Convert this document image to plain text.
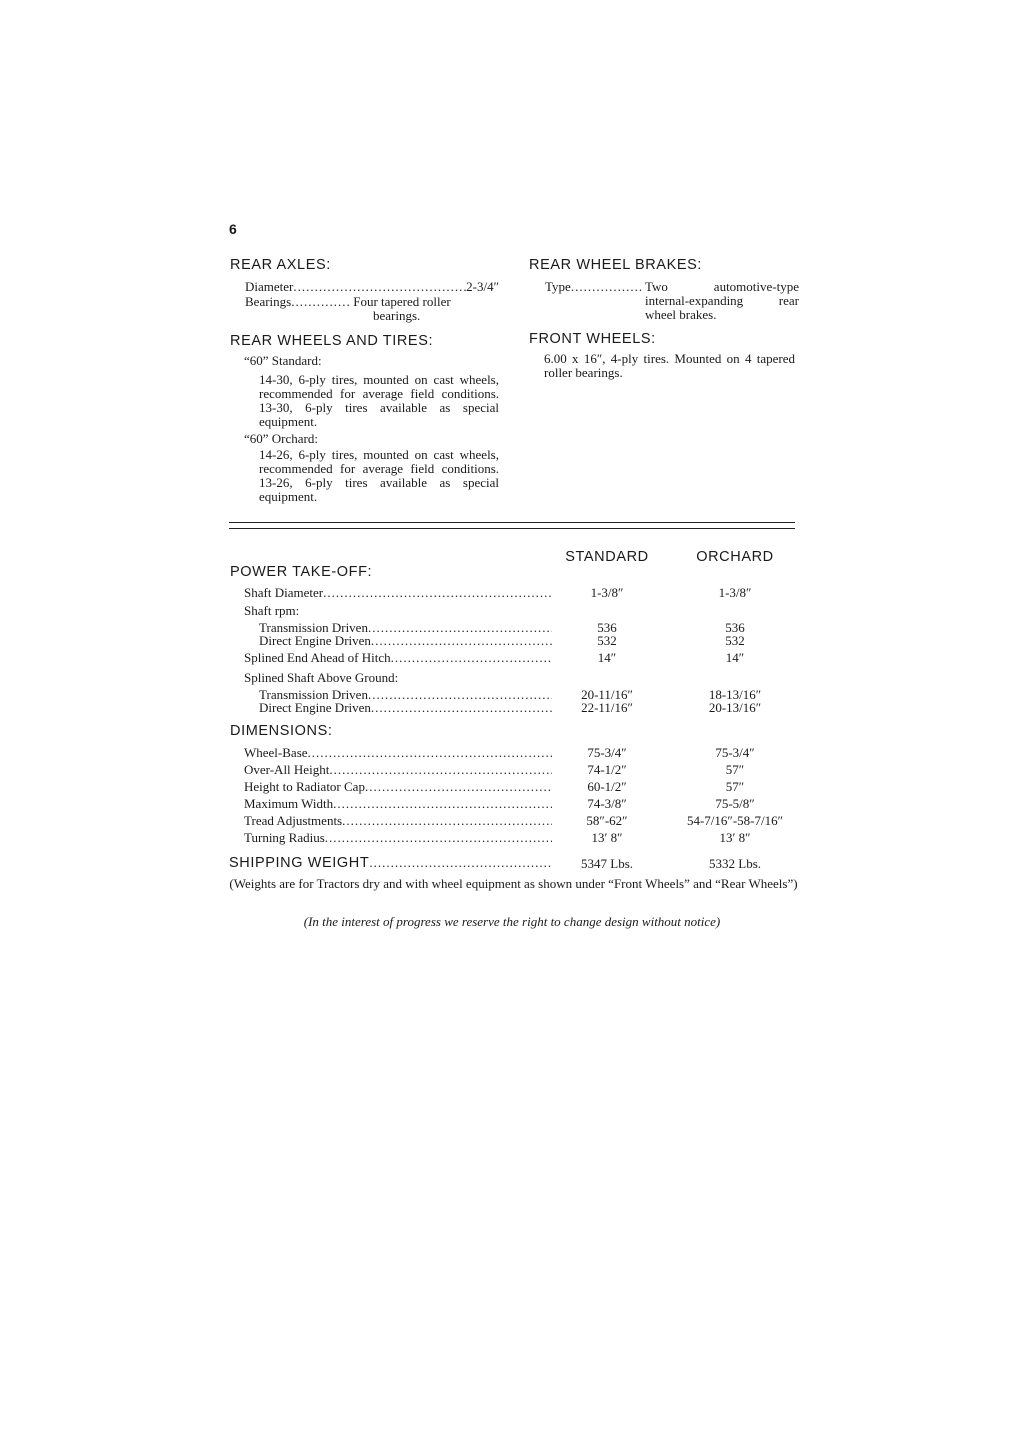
6
REAR AXLES:
Diameter .....	2-3/4″
Bearings .....	Four tapered roller
bearings.
REAR WHEELS AND TIRES:
“60” Standard:
14-30, 6-ply tires, mounted on cast wheels, recommended for average field conditions. 13-30, 6-ply tires available as special equipment.
“60” Orchard:
14-26, 6-ply tires, mounted on cast wheels, recommended for average field conditions. 13-26, 6-ply tires available as special equipment.
REAR WHEEL BRAKES:
Type .....	Two automotive-type internal-expanding rear wheel brakes.
FRONT WHEELS:
6.00 x 16″, 4-ply tires. Mounted on 4 tapered roller bearings.
STANDARD	ORCHARD
POWER TAKE-OFF:
Shaft Diameter .....	1-3/8″	1-3/8″
Shaft rpm:
Transmission Driven .....	536	536
Direct Engine Driven .....	532	532
Splined End Ahead of Hitch .....	14″	14″
Splined Shaft Above Ground:
Transmission Driven .....	20-11/16″	18-13/16″
Direct Engine Driven .....	22-11/16″	20-13/16″
DIMENSIONS:
Wheel-Base .....	75-3/4″	75-3/4″
Over-All Height .....	74-1/2″	57″
Height to Radiator Cap .....	60-1/2″	57″
Maximum Width .....	74-3/8″	75-5/8″
Tread Adjustments .....	58″-62″	54-7/16″-58-7/16″
Turning Radius .....	13′ 8″	13′ 8″
SHIPPING WEIGHT .....	5347 Lbs.	5332 Lbs.
(Weights are for Tractors dry and with wheel equipment as shown under “Front Wheels” and “Rear Wheels”)
(In the interest of progress we reserve the right to change design without notice)
